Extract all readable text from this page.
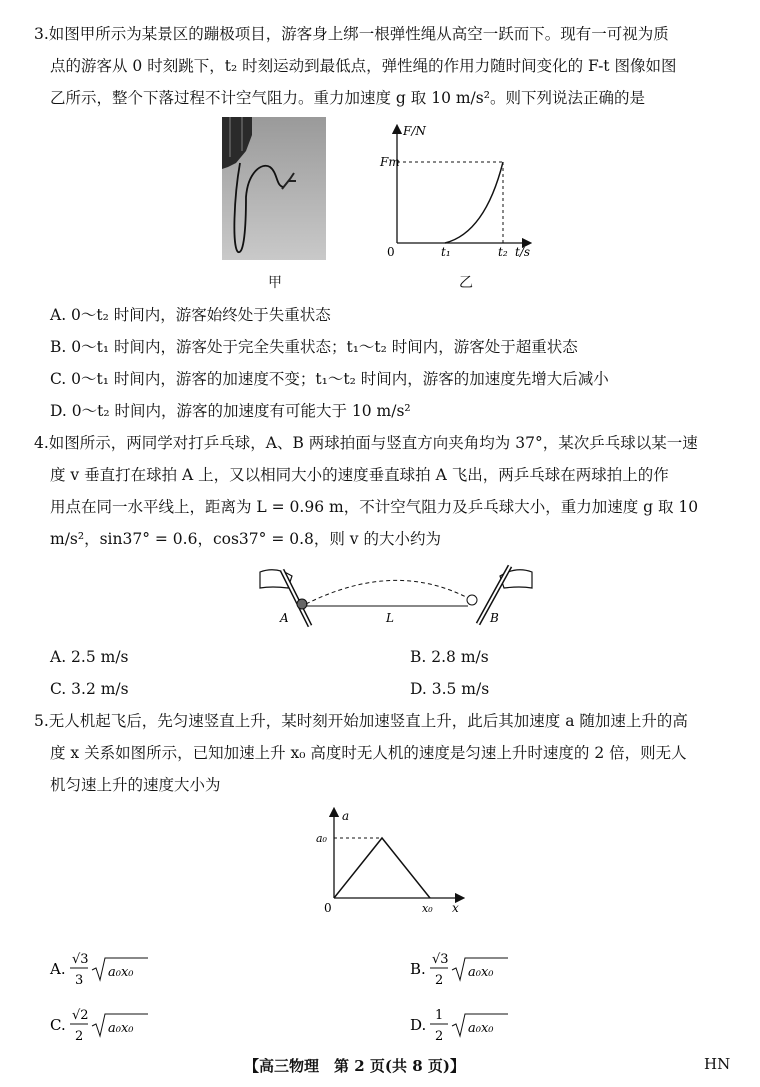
3.如图甲所示为某景区的蹦极项目，游客身上绑一根弹性绳从高空一跃而下。现有一可视为质
点的游客从 0 时刻跳下，t₂ 时刻运动到最低点，弹性绳的作用力随时间变化的 F-t 图像如图
乙所示，整个下落过程不计空气阻力。重力加速度 g 取 10 m/s²。则下列说法正确的是
甲
F/N
Fm
0	t₁	t₂ t/s
乙
A. 0～t₂ 时间内，游客始终处于失重状态
B. 0～t₁ 时间内，游客处于完全失重状态；t₁～t₂ 时间内，游客处于超重状态
C. 0～t₁ 时间内，游客的加速度不变；t₁～t₂ 时间内，游客的加速度先增大后减小
D. 0～t₂ 时间内，游客的加速度有可能大于 10 m/s²
4.如图所示，两同学对打乒乓球，A、B 两球拍面与竖直方向夹角均为 37°，某次乒乓球以某一速
度 v 垂直打在球拍 A 上，又以相同大小的速度垂直球拍 A 飞出，两乒乓球在两球拍上的作
用点在同一水平线上，距离为 L = 0.96 m，不计空气阻力及乒乓球大小，重力加速度 g 取 10
m/s²，sin37° = 0.6，cos37° = 0.8，则 v 的大小约为
A	L	B
A. 2.5 m/s	B. 2.8 m/s
C. 3.2 m/s	D. 3.5 m/s
5.无人机起飞后，先匀速竖直上升，某时刻开始加速竖直上升，此后其加速度 a 随加速上升的高
度 x 关系如图所示，已知加速上升 x₀ 高度时无人机的速度是匀速上升时速度的 2 倍，则无人
机匀速上升的速度大小为
a
a₀
0	x₀ x
A.
√3
3
a₀x₀	B.
√3
2
a₀x₀
C.
√2
2
a₀x₀	D.
1
2
a₀x₀
【高三物理　第 2 页(共 8 页)】	HN
